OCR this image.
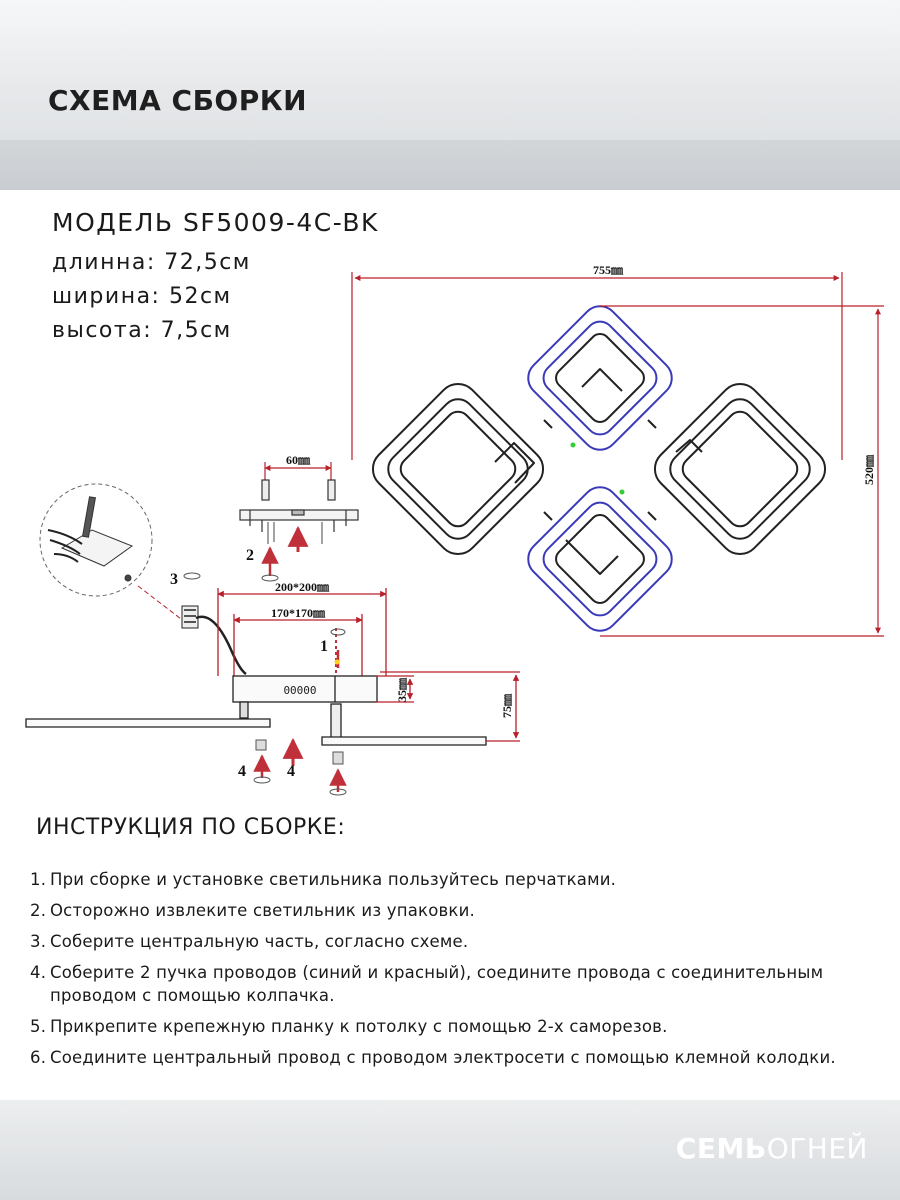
СХЕМА СБОРКИ
МОДЕЛЬ SF5009-4C-BK
длинна: 72,5см
ширина: 52см
высота: 7,5см
755㎜
520㎜
60㎜
2
3	200*200㎜
170*170㎜
00000	35㎜
75㎜
1
4	4
ИНСТРУКЦИЯ ПО СБОРКЕ:
1. При сборке и установке светильника пользуйтесь перчатками.
2. Осторожно извлеките светильник из упаковки.
3. Соберите центральную часть, согласно схеме.
4. Соберите 2 пучка проводов (синий и красный), соедините провода с соединительным проводом с помощью колпачка.
5. Прикрепите крепежную планку к потолку с помощью 2-х саморезов.
6. Соедините центральный провод с проводом электросети с помощью клемной колодки.
СЕМЬОГНЕЙ
